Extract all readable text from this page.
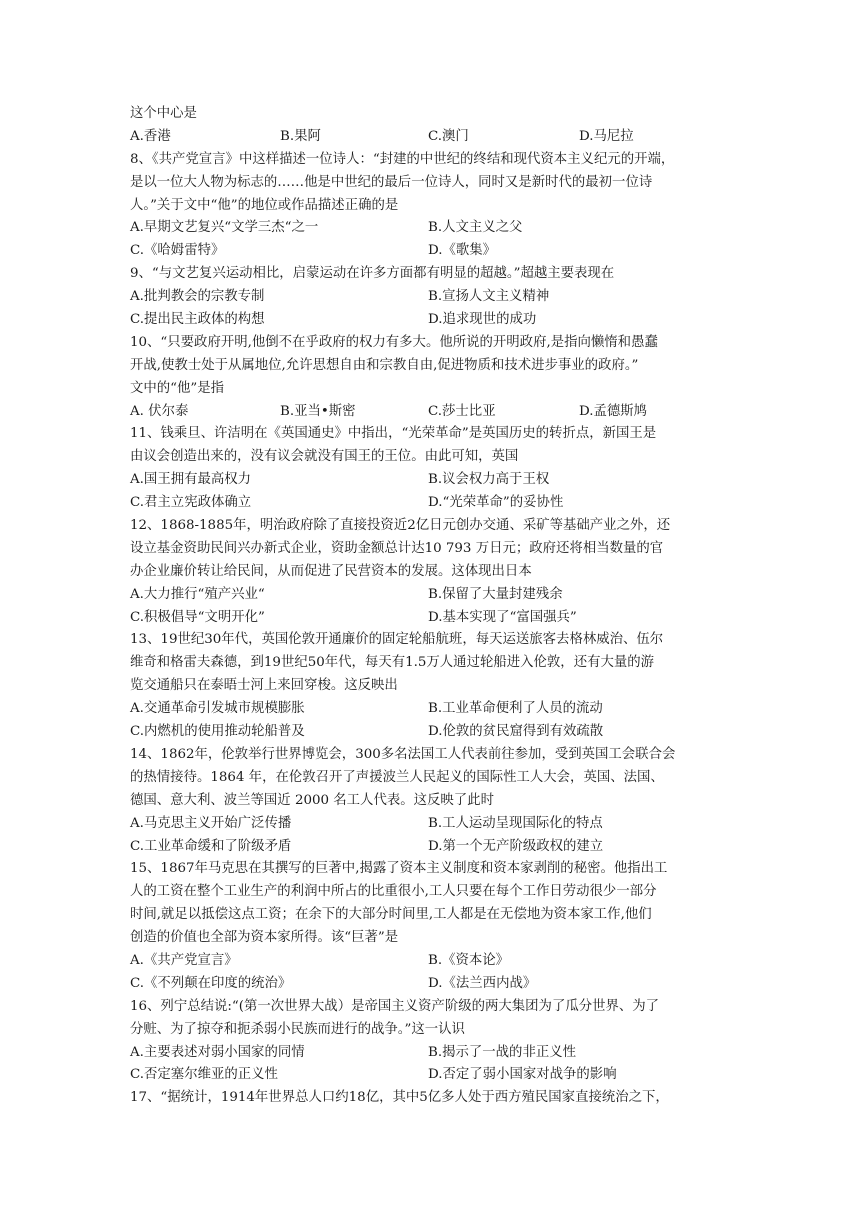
这个中心是
A.香港	B.果阿	C.澳门	D.马尼拉
8、《共产党宣言》中这样描述一位诗人：“封建的中世纪的终结和现代资本主义纪元的开端，
是以一位大人物为标志的……他是中世纪的最后一位诗人，同时又是新时代的最初一位诗
人。”关于文中“他”的地位或作品描述正确的是
A.早期文艺复兴“文学三杰“之一	B.人文主义之父
C.《哈姆雷特》	D.《歌集》
9、“与文艺复兴运动相比，启蒙运动在许多方面都有明显的超越。”超越主要表现在
A.批判教会的宗教专制	B.宣扬人文主义精神
C.提出民主政体的构想	D.追求现世的成功
10、“只要政府开明,他倒不在乎政府的权力有多大。他所说的开明政府,是指向懒惰和愚蠢
开战,使教士处于从属地位,允许思想自由和宗教自由,促进物质和技术进步事业的政府。”
文中的“他”是指
A. 伏尔泰	B.亚当•斯密	C.莎士比亚	D.孟德斯鸠
11、钱乘旦、许洁明在《英国通史》中指出，“光荣革命”是英国历史的转折点，新国王是
由议会创造出来的，没有议会就没有国王的王位。由此可知，英国
A.国王拥有最高权力	B.议会权力高于王权
C.君主立宪政体确立	D.“光荣革命”的妥协性
12、1868-1885年，明治政府除了直接投资近2亿日元创办交通、采矿等基础产业之外，还
设立基金资助民间兴办新式企业，资助金额总计达10 793 万日元；政府还将相当数量的官
办企业廉价转让给民间，从而促进了民营资本的发展。这体现出日本
A.大力推行“殖产兴业“	B.保留了大量封建残余
C.积极倡导“文明开化”	D.基本实现了“富国强兵”
13、19世纪30年代，英国伦敦开通廉价的固定轮船航班，每天运送旅客去格林威治、伍尔
维奇和格雷夫森德，到19世纪50年代，每天有1.5万人通过轮船进入伦敦，还有大量的游
览交通船只在泰晤士河上来回穿梭。这反映出
A.交通革命引发城市规模膨胀	B.工业革命便利了人员的流动
C.内燃机的使用推动轮船普及	D.伦敦的贫民窟得到有效疏散
14、1862年，伦敦举行世界博览会，300多名法国工人代表前往参加，受到英国工会联合会
的热情接待。1864 年，在伦敦召开了声援波兰人民起义的国际性工人大会，英国、法国、
德国、意大利、波兰等国近 2000 名工人代表。这反映了此时
A.马克思主义开始广泛传播	B.工人运动呈现国际化的特点
C.工业革命缓和了阶级矛盾	D.第一个无产阶级政权的建立
15、1867年马克思在其撰写的巨著中,揭露了资本主义制度和资本家剥削的秘密。他指出工
人的工资在整个工业生产的利润中所占的比重很小,工人只要在每个工作日劳动很少一部分
时间,就足以抵偿这点工资；在余下的大部分时间里,工人都是在无偿地为资本家工作,他们
创造的价值也全部为资本家所得。该“巨著”是
A.《共产党宣言》	B.《资本论》
C.《不列颠在印度的统治》	D.《法兰西内战》
16、列宁总结说:“(第一次世界大战）是帝国主义资产阶级的两大集团为了瓜分世界、为了
分赃、为了掠夺和扼杀弱小民族而进行的战争。”这一认识
A.主要表述对弱小国家的同情	B.揭示了一战的非正义性
C.否定塞尔维亚的正义性	D.否定了弱小国家对战争的影响
17、“据统计，1914年世界总人口约18亿，其中5亿多人处于西方殖民国家直接统治之下，
